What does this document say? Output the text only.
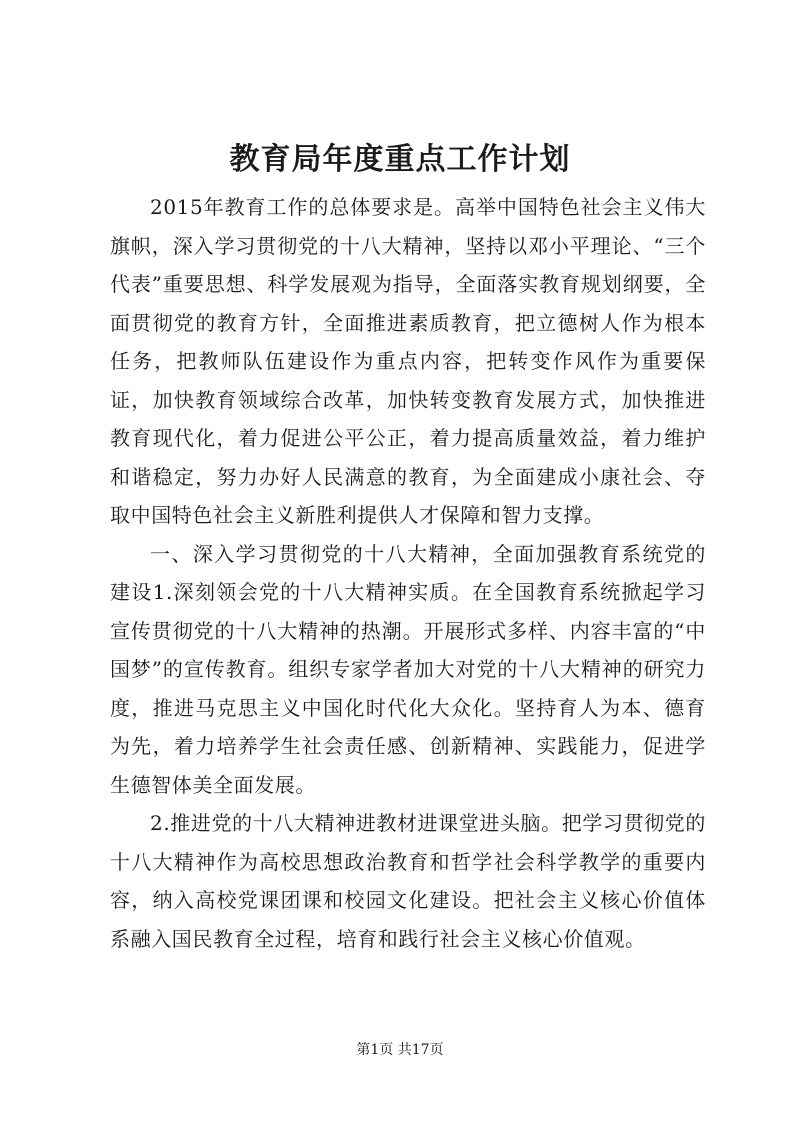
教育局年度重点工作计划

2015年教育工作的总体要求是。高举中国特色社会主义伟大旗帜，深入学习贯彻党的十八大精神，坚持以邓小平理论、“三个代表”重要思想、科学发展观为指导，全面落实教育规划纲要，全面贯彻党的教育方针，全面推进素质教育，把立德树人作为根本任务，把教师队伍建设作为重点内容，把转变作风作为重要保证，加快教育领域综合改革，加快转变教育发展方式，加快推进教育现代化，着力促进公平公正，着力提高质量效益，着力维护和谐稳定，努力办好人民满意的教育，为全面建成小康社会、夺取中国特色社会主义新胜利提供人才保障和智力支撑。

一、深入学习贯彻党的十八大精神，全面加强教育系统党的建设1.深刻领会党的十八大精神实质。在全国教育系统掀起学习宣传贯彻党的十八大精神的热潮。开展形式多样、内容丰富的“中国梦”的宣传教育。组织专家学者加大对党的十八大精神的研究力度，推进马克思主义中国化时代化大众化。坚持育人为本、德育为先，着力培养学生社会责任感、创新精神、实践能力，促进学生德智体美全面发展。

2.推进党的十八大精神进教材进课堂进头脑。把学习贯彻党的十八大精神作为高校思想政治教育和哲学社会科学教学的重要内容，纳入高校党课团课和校园文化建设。把社会主义核心价值体系融入国民教育全过程，培育和践行社会主义核心价值观。

第1页 共17页
